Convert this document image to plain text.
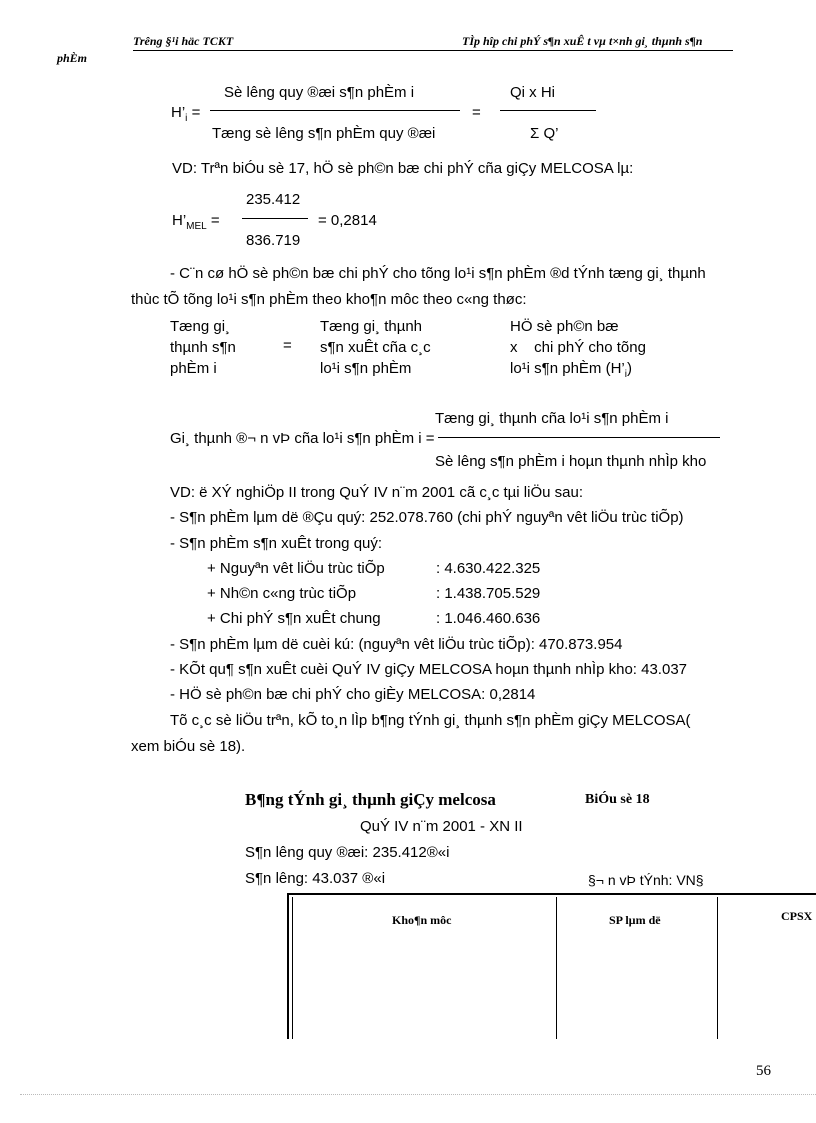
Trêng §¹i häc TCKT	TÌp hîp chi phÝ s¶n xuÊ t vµ t×nh gi¸ thµnh s¶n
phÈm
$H’_i$ =
Sè lêng quy ®æi s¶n phÈm i
Tæng sè lêng s¶n phÈm quy ®æi
=
Qi x Hi
Σ Q’
VD: Trªn biÓu sè 17, hÖ sè ph©n bæ chi phÝ cña giÇy MELCOSA lµ:
$H’_{MEL}$ =
235.412
836.719
= 0,2814
- C¨n cø hÖ sè ph©n bæ chi phÝ cho tõng lo¹i s¶n phÈm ®d tÝnh tæng gi¸ thµnh
thùc tÕ tõng lo¹i s¶n phÈm theo kho¶n môc theo c«ng thøc:
Tæng gi¸
thµnh s¶n
phÈm i
=
Tæng gi¸ thµnh
s¶n xuÊt cña c¸c
lo¹i s¶n phÈm
HÖ sè ph©n bæ
x chi phÝ cho tõng
lo¹i s¶n phÈm $(H’_i)$
Tæng gi¸ thµnh cña lo¹i s¶n phÈm i
Gi¸ thµnh ®¬ n vÞ cña lo¹i s¶n phÈm i =
Sè lêng s¶n phÈm i hoµn thµnh nhÌp kho
VD: ë XÝ nghiÖp II trong QuÝ IV n¨m 2001 cã c¸c tµi liÖu sau:
- S¶n phÈm lµm dë ®Çu quý: 252.078.760 (chi phÝ nguyªn vêt liÖu trùc tiÕp)
- S¶n phÈm s¶n xuÊt trong quý:
+ Nguyªn vêt liÖu trùc tiÕp	: 4.630.422.325
+ Nh©n c«ng trùc tiÕp	: 1.438.705.529
+ Chi phÝ s¶n xuÊt chung	: 1.046.460.636
- S¶n phÈm lµm dë cuèi kú: (nguyªn vêt liÖu trùc tiÕp): 470.873.954
- KÕt qu¶ s¶n xuÊt cuèi QuÝ IV giÇy MELCOSA hoµn thµnh nhÌp kho: 43.037
- HÖ sè ph©n bæ chi phÝ cho giÈy MELCOSA: 0,2814
Tõ c¸c sè liÖu trªn, kÕ to¸n lÌp b¶ng tÝnh gi¸ thµnh s¶n phÈm giÇy MELCOSA(
xem biÓu sè 18).
B¶ng tÝnh gi¸ thµnh giÇy melcosa	BiÓu sè 18
QuÝ IV n¨m 2001 - XN II
S¶n lêng quy ®æi: 235.412®«i
S¶n lêng: 43.037 ®«i	§¬ n vÞ tÝnh: VN§
Kho¶n môc	SP lµm dë	CPSX
56
